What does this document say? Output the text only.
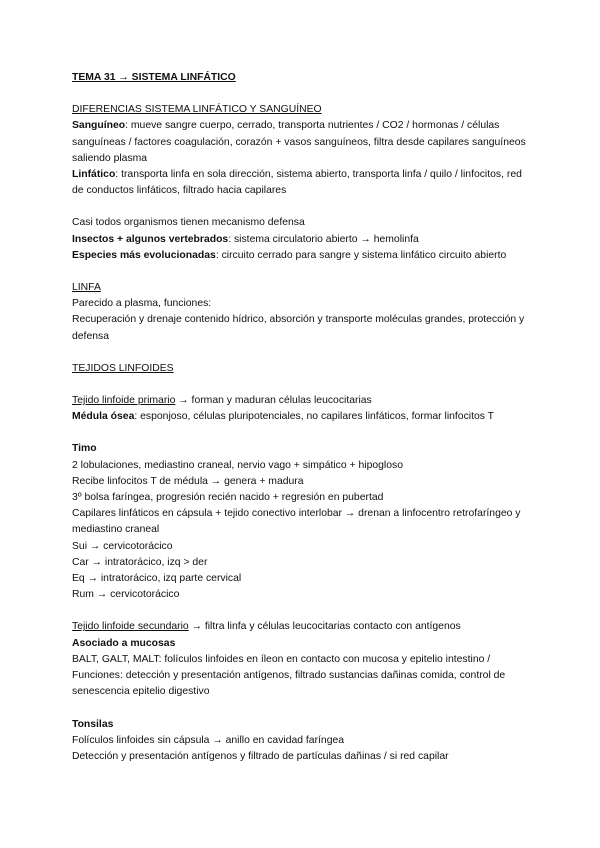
TEMA 31 → SISTEMA LINFÁTICO
DIFERENCIAS SISTEMA LINFÁTICO Y SANGUÍNEO
Sanguíneo: mueve sangre cuerpo, cerrado, transporta nutrientes / CO2 / hormonas / células sanguíneas / factores coagulación, corazón + vasos sanguíneos, filtra desde capilares sanguíneos saliendo plasma
Linfático: transporta linfa en sola dirección, sistema abierto, transporta linfa / quilo / linfocitos, red de conductos linfáticos, filtrado hacia capilares
Casi todos organismos tienen mecanismo defensa
Insectos + algunos vertebrados: sistema circulatorio abierto → hemolinfa
Especies más evolucionadas: circuito cerrado para sangre y sistema linfático circuito abierto
LINFA
Parecido a plasma, funciones:
Recuperación y drenaje contenido hídrico, absorción y transporte moléculas grandes, protección y defensa
TEJIDOS LINFOIDES
Tejido linfoide primario → forman y maduran células leucocitarias
Médula ósea: esponjoso, células pluripotenciales, no capilares linfáticos, formar linfocitos T
Timo
2 lobulaciones, mediastino craneal, nervio vago + simpático + hipogloso
Recibe linfocitos T de médula → genera + madura
3º bolsa faríngea, progresión recién nacido + regresión en pubertad
Capilares linfáticos en cápsula + tejido conectivo interlobar → drenan a linfocentro retrofaríngeo y mediastino craneal
Sui → cervicotorácico
Car → intratorácico, izq > der
Eq → intratorácico, izq parte cervical
Rum → cervicotorácico
Tejido linfoide secundario → filtra linfa y células leucocitarias contacto con antígenos
Asociado a mucosas
BALT, GALT, MALT: folículos linfoides en íleon en contacto con mucosa y epitelio intestino / Funciones: detección y presentación antígenos, filtrado sustancias dañinas comida, control de senescencia epitelio digestivo
Tonsilas
Folículos linfoides sin cápsula → anillo en cavidad faríngea
Detección y presentación antígenos y filtrado de partículas dañinas / si red capilar
